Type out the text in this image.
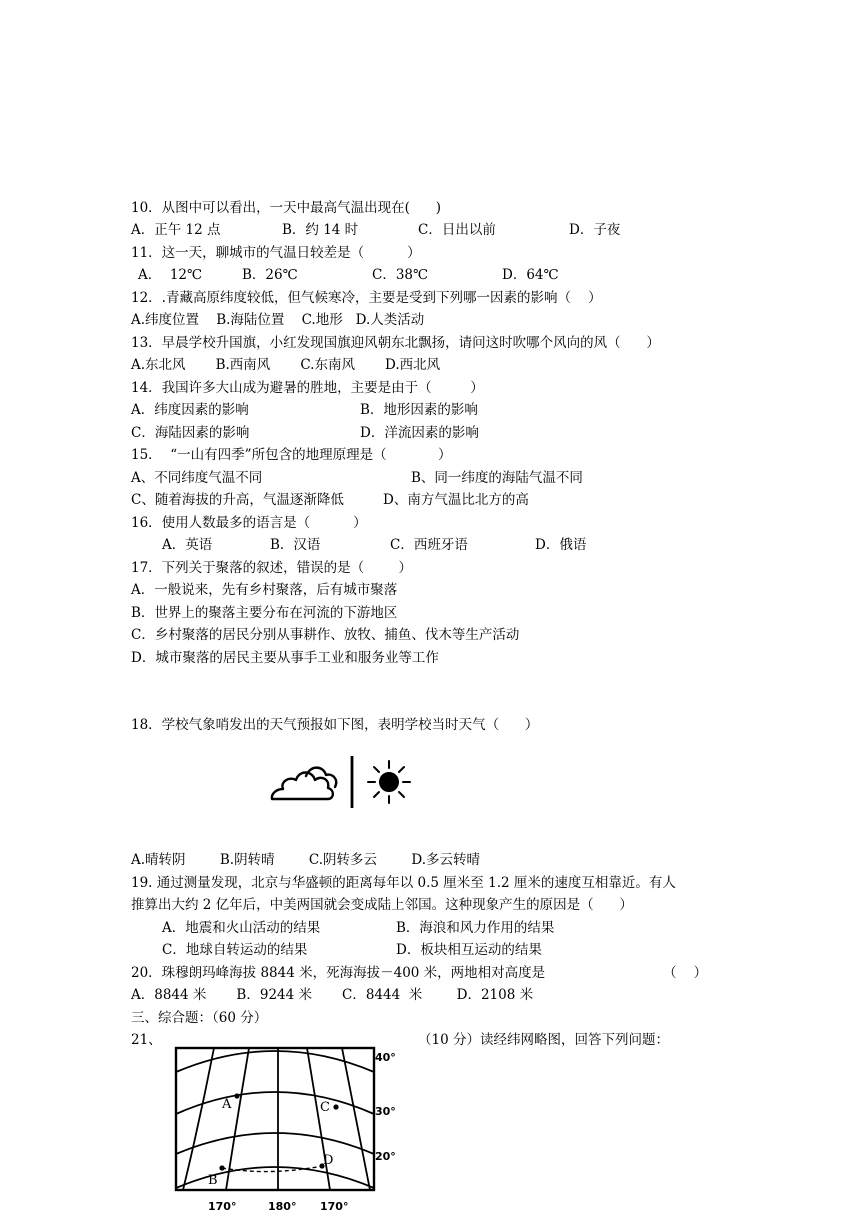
10．从图中可以看出，一天中最高气温出现在(      )
A．正午 12 点	B．约 14 时	C．日出以前	D．子夜
11．这一天，聊城市的气温日较差是（          ）
A．  12℃	B．26℃	C．38℃	D．64℃
12．.青藏高原纬度较低，但气候寒冷，主要是受到下列哪一因素的影响（    ）
A.纬度位置    B.海陆位置    C.地形   D.人类活动
13．早晨学校升国旗，小红发现国旗迎风朝东北飘扬，请问这时吹哪个风向的风（      ）
A.东北风       B.西南风       C.东南风       D.西北风
14．我国许多大山成为避暑的胜地，主要是由于（         ）
A．纬度因素的影响	B．地形因素的影响
C．海陆因素的影响	D．洋流因素的影响
15．  “一山有四季”所包含的地理原理是（            ）
A、不同纬度气温不同	B、同一纬度的海陆气温不同
C、随着海拔的升高，气温逐渐降低	D、南方气温比北方的高
16．使用人数最多的语言是（          ）
A．英语	B．汉语	C．西班牙语	D．俄语
17．下列关于聚落的叙述，错误的是（        ）
A．一般说来，先有乡村聚落，后有城市聚落
B．世界上的聚落主要分布在河流的下游地区
C．乡村聚落的居民分别从事耕作、放牧、捕鱼、伐木等生产活动
D．城市聚落的居民主要从事手工业和服务业等工作
18．学校气象哨发出的天气预报如下图，表明学校当时天气（      ）
A.晴转阴        B.阴转晴        C.阴转多云        D.多云转晴
19. 通过测量发现，北京与华盛顿的距离每年以 0.5 厘米至 1.2 厘米的速度互相靠近。有人
推算出大约 2 亿年后，中美两国就会变成陆上邻国。这种现象产生的原因是（      ）
A．地震和火山活动的结果	B．海浪和风力作用的结果
C．地球自转运动的结果	D．板块相互运动的结果
20．珠穆朗玛峰海拔 8844 米，死海海拔－400 米，两地相对高度是	（    ）
A．8844 米       B．9244 米       C．8444  米        D．2108 米
三、综合题：（60 分）
21、	（10 分）读经纬网略图，回答下列问题：
A
B
C
D
40°
30°
20°
170°	180° 170°
